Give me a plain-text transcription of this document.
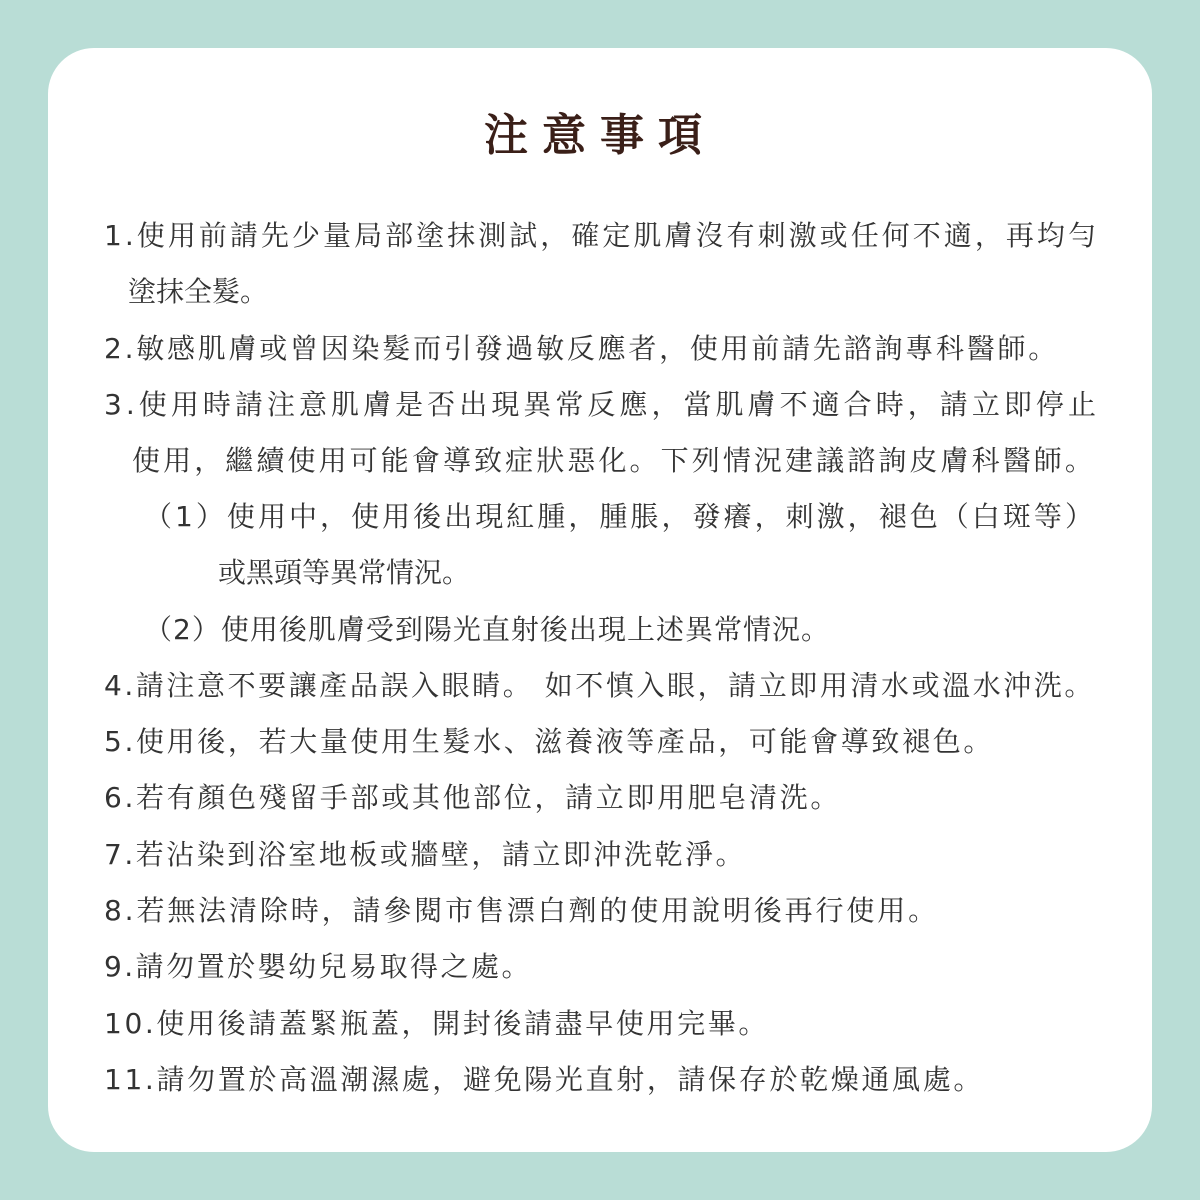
注意事項

1.使用前請先少量局部塗抹測試，確定肌膚沒有刺激或任何不適，再均勻

塗抹全髮。

2.敏感肌膚或曾因染髮而引發過敏反應者，使用前請先諮詢專科醫師。

3.使用時請注意肌膚是否出現異常反應，當肌膚不適合時，請立即停止

使用，繼續使用可能會導致症狀惡化。下列情況建議諮詢皮膚科醫師。

（1）使用中，使用後出現紅腫，腫脹，發癢，刺激，褪色（白斑等）

或黑頭等異常情況。

（2）使用後肌膚受到陽光直射後出現上述異常情況。

4.請注意不要讓產品誤入眼睛。 如不慎入眼，請立即用清水或溫水沖洗。

5.使用後，若大量使用生髮水、滋養液等產品，可能會導致褪色。

6.若有顏色殘留手部或其他部位，請立即用肥皂清洗。

7.若沾染到浴室地板或牆壁，請立即沖洗乾淨。

8.若無法清除時，請參閱市售漂白劑的使用說明後再行使用。

9.請勿置於嬰幼兒易取得之處。

10.使用後請蓋緊瓶蓋，開封後請盡早使用完畢。

11.請勿置於高溫潮濕處，避免陽光直射，請保存於乾燥通風處。
